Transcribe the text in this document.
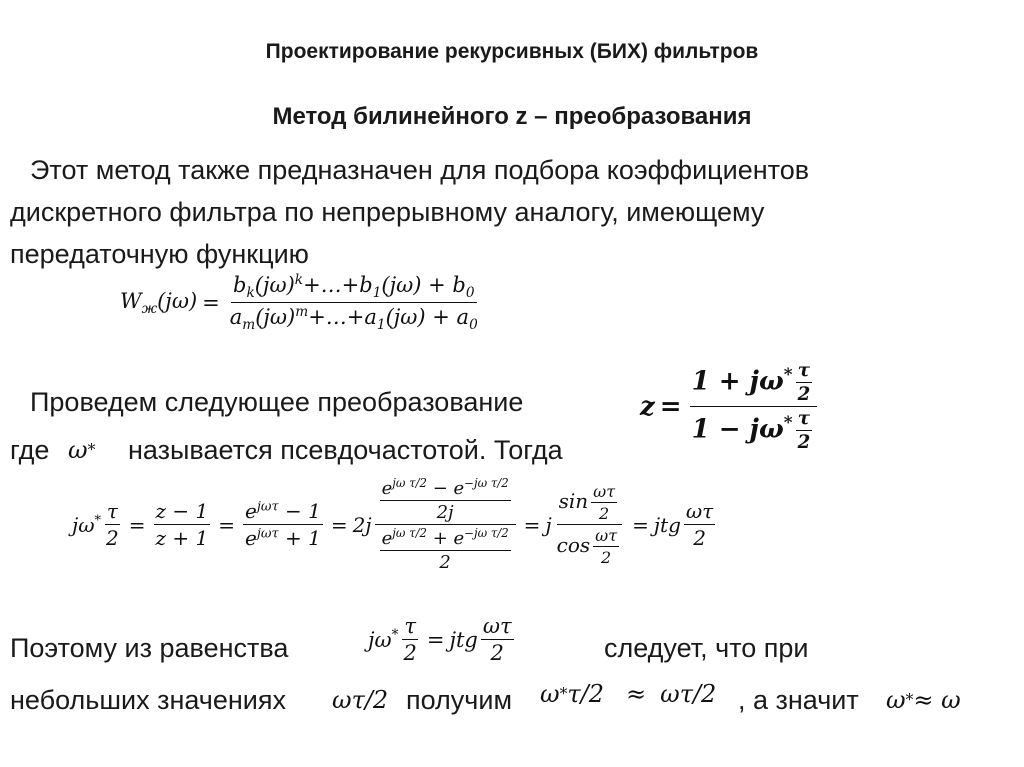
Проектирование рекурсивных (БИХ) фильтров
Метод билинейного z – преобразования

Этот метод также предназначен для подбора коэффициентов

дискретного фильтра по непрерывному аналогу, имеющему

передаточную функцию

$W_ж(j\omega) = \frac{b_k(j\omega)^k+\dots+b_1(j\omega) + b_0}{a_m(j\omega)^m+\dots+a_1(j\omega) + a_0}$

Проведем следующее преобразование	$z = \frac{1 + j\omega^* \frac{\tau}{2}}{1 - j\omega^* \frac{\tau}{2}}$

где ω * называется псевдочастотой. Тогда

$j\omega^* \frac{\tau}{2} = \frac{z - 1}{z + 1} = \frac{e^{j\omega\tau} - 1}{e^{j\omega\tau} + 1} = 2j \frac{\frac{e^{j\omega \tau/2} - e^{-j\omega \tau/2}}{2j}}{\frac{e^{j\omega \tau/2} + e^{-j\omega \tau/2}}{2}} = j \frac{\sin \frac{\omega\tau}{2}}{\cos \frac{\omega\tau}{2}}$ = jtg $\frac{\omega\tau}{2}$

Поэтому из равенства	$j\omega^* \frac{\tau}{2}$ = jtg $\frac{\omega\tau}{2}$	следует, что при

небольших значениях ωτ/2 получим ω * τ/2 ≈ ωτ/2 , а значит ω * ≈ ω
